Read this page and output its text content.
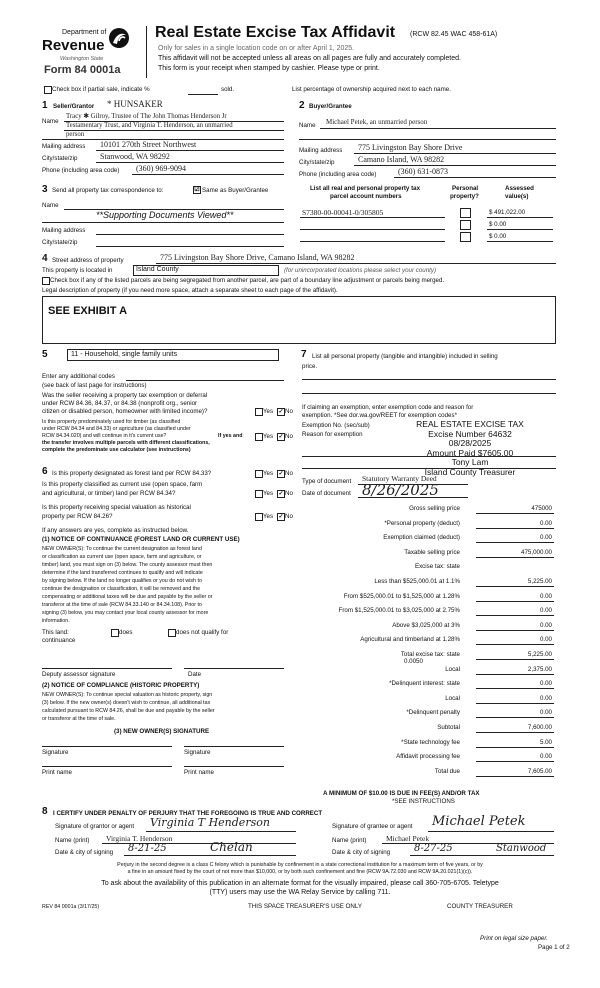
Department of
Revenue
Washington State
Form 84 0001a
Real Estate Excise Tax Affidavit (RCW 82.45 WAC 458-61A)
Only for sales in a single location code on or after April 1, 2025.
This affidavit will not be accepted unless all areas on all pages are fully and accurately completed.
This form is your receipt when stamped by cashier. Please type or print.
Check box if partial sale, indicate %	sold.	List percentage of ownership acquired next to each name.
1 Seller/Grantor * HUNSAKER
Name
Tracy ✱ Gilroy, Trustee of The John Thomas Henderson Jr
Testamentary Trust, and Virginia T. Henderson, an unmarried
person
Mailing address 10101 270th Street Northwest
City/state/zip	Stanwood, WA 98292
Phone (including area code) (360) 969-9094
2 Buyer/Grantee
Name Michael Petek, an unmarried person
Mailing address 775 Livingston Bay Shore Drive
City/state/zip	Camano Island, WA 98282
Phone (including area code)	(360) 631-0873
3 Send all property tax correspondence to:	☑ Same as Buyer/Grantee
Name
**Supporting Documents Viewed**
Mailing address
City/state/zip
List all real and personal property tax
parcel account numbers
Personal
property?
Assessed
value(s)
S7380-00-00041-0/305805	$ 491,022.00
$ 0.00
$ 0.00
4 Street address of property	775 Livingston Bay Shore Drive, Camano Island, WA 98282
This property is located in	Island County	(for unincorporated locations please select your county)
Check box if any of the listed parcels are being segregated from another parcel, are part of a boundary line adjustment or parcels being merged.
Legal description of property (if you need more space, attach a separate sheet to each page of the affidavit).
SEE EXHIBIT A
5	11 - Household, single family units
Enter any additional codes
(see back of last page for instructions)
Was the seller receiving a property tax exemption or deferral
under RCW 84.36, 84.37, or 84.38 (nonprofit org., senior
citizen or disabled person, homeowner with limited income)?	Yes ✓ No
Is this property predominately used for timber (as classified
under RCW 84.34 and 84.33) or agriculture (as classified under
RCW 84.34.020) and will continue in it's current use?	If yes and
the transfer involves multiple parcels with different classifications,
complete the predominate use calculator (see instructions)
Yes ✓ No
6 Is this property designated as forest land per RCW 84.33?	Yes ✓ No
Is this property classified as current use (open space, farm
and agricultural, or timber) land per RCW 84.34?	Yes ✓ No
Is this property receiving special valuation as historical
property per RCW 84.26?	Yes ✓ No
If any answers are yes, complete as instructed below.
(1) NOTICE OF CONTINUANCE (FOREST LAND OR CURRENT USE)
NEW OWNER(S): To continue the current designation as forest land
or classification as current use (open space, farm and agriculture, or
timber) land, you must sign on (3) below. The county assessor must then
determine if the land transferred continues to qualify and will indicate
by signing below. If the land no longer qualifies or you do not wish to
continue the designation or classification, it will be removed and the
compensating or additional taxes will be due and payable by the seller or
transferor at the time of sale (RCW 84.33.140 or 84.34.108). Prior to
signing (3) below, you may contact your local county assessor for more
information.
This land:
continuance
does	does not qualify for
Deputy assessor signature	Date
(2) NOTICE OF COMPLIANCE (HISTORIC PROPERTY)
NEW OWNER(S): To continue special valuation as historic property, sign
(3) below. If the new owner(s) doesn't wish to continue, all additional tax
calculated pursuant to RCW 84.26, shall be due and payable by the seller
or transferor at the time of sale.
(3) NEW OWNER(S) SIGNATURE
Signature	Signature
Print name	Print name
7 List all personal property (tangible and intangible) included in selling
price.
If claiming an exemption, enter exemption code and reason for
exemption. *See dor.wa.gov/REET for exemption codes*
Exemption No. (sec/sub)
Reason for exemption
REAL ESTATE EXCISE TAX
Excise Number 64632
08/28/2025
Amount Paid $7605.00
Tony Lam
Island County Treasurer
Type of document Statutory Warranty Deed
Date of document 8/26/2025
Gross selling price	475000
*Personal property (deduct)	0.00
Exemption claimed (deduct)	0.00
Taxable selling price	475,000.00
Excise tax: state
Less than $525,000.01 at 1.1%	5,225.00
From $525,000.01 to $1,525,000 at 1.28%	0.00
From $1,525,000.01 to $3,025,000 at 2.75%	0.00
Above $3,025,000 at 3%	0.00
Agricultural and timberland at 1.28%	0.00
Total excise tax: state	5,225.00
Local	2,375.00
*Delinquent interest: state	0.00
Local	0.00
*Delinquent penalty	0.00
Subtotal	7,600.00
*State technology fee	5.00
Affidavit processing fee	0.00
Total due	7,605.00
0.0050
A MINIMUM OF $10.00 IS DUE IN FEE(S) AND/OR TAX
*SEE INSTRUCTIONS
8 I CERTIFY UNDER PENALTY OF PERJURY THAT THE FOREGOING IS TRUE AND CORRECT
Signature of grantor or agent Virginia T Henderson	Signature of grantee or agent Michael Petek
Name (print) Virginia T. Henderson	Name (print)	Michael Petek
Date & city of signing 8-21-25	Chelan	Date & city of signing 8-27-25	Stanwood
Perjury in the second degree is a class C felony which is punishable by confinement in a state correctional institution for a maximum term of five years, or by
a fine in an amount fixed by the court of not more than $10,000, or by both such confinement and fine (RCW 9A.72.030 and RCW 9A.20.021(1)(c)).
To ask about the availability of this publication in an alternate format for the visually impaired, please call 360-705-6705. Teletype
(TTY) users may use the WA Relay Service by calling 711.
REV 84 0001a (3/17/25)	THIS SPACE TREASURER'S USE ONLY	COUNTY TREASURER
Print on legal size paper.
Page 1 of 2
